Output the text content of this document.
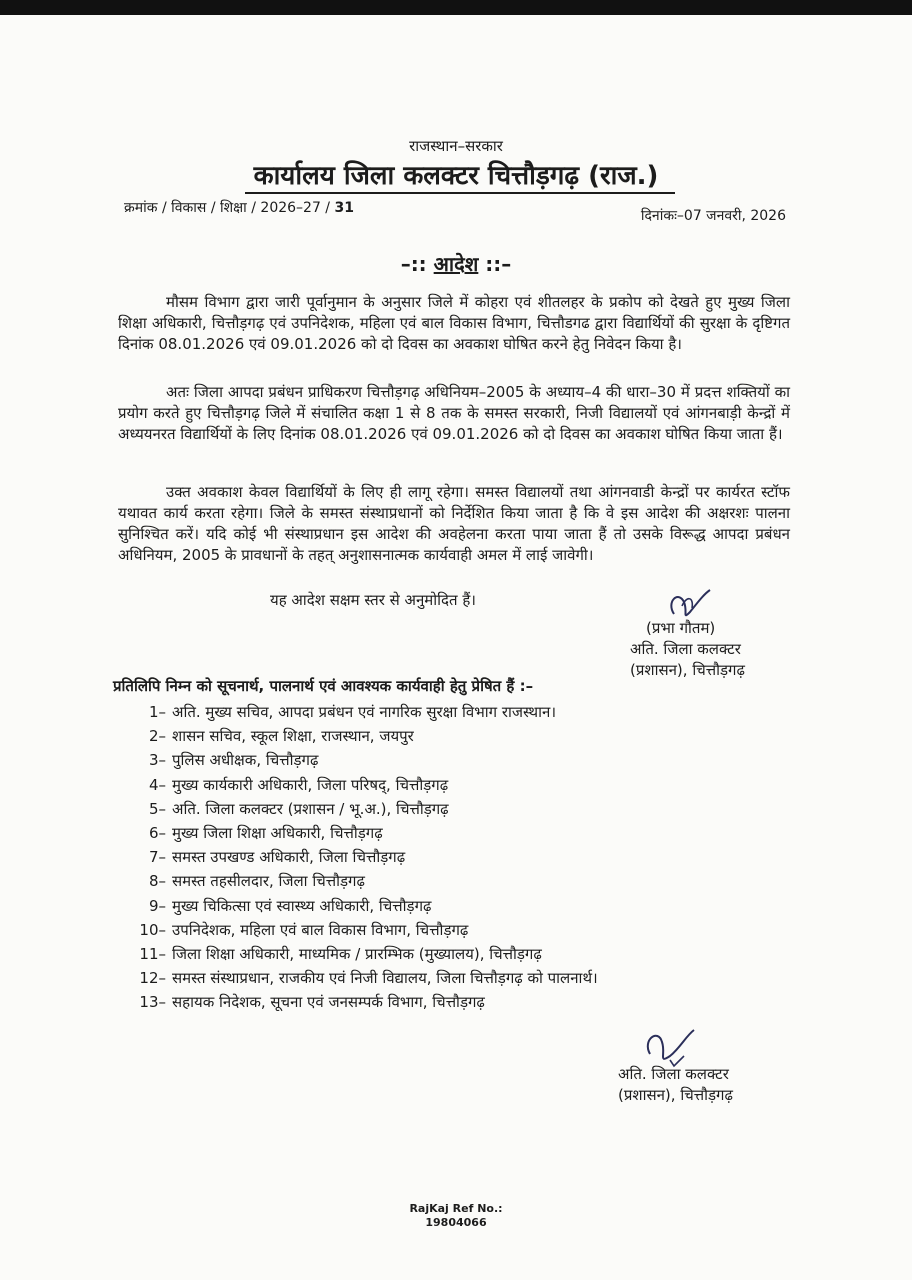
राजस्थान–सरकार
कार्यालय जिला कलक्टर चित्तौड़गढ़ (राज.)
क्रमांक / विकास / शिक्षा / 2026–27 / 31	दिनांकः–07 जनवरी, 2026
–:: आदेश ::–
मौसम विभाग द्वारा जारी पूर्वानुमान के अनुसार जिले में कोहरा एवं शीतलहर के प्रकोप को देखते हुए मुख्य जिला शिक्षा अधिकारी, चित्तौड़गढ़ एवं उपनिदेशक, महिला एवं बाल विकास विभाग, चित्तौडगढ द्वारा विद्यार्थियों की सुरक्षा के दृष्टिगत दिनांक 08.01.2026 एवं 09.01.2026 को दो दिवस का अवकाश घोषित करने हेतु निवेदन किया है।
अतः जिला आपदा प्रबंधन प्राधिकरण चित्तौड़गढ़ अधिनियम–2005 के अध्याय–4 की धारा–30 में प्रदत्त शक्तियों का प्रयोग करते हुए चित्तौड़गढ़ जिले में संचालित कक्षा 1 से 8 तक के समस्त सरकारी, निजी विद्यालयों एवं आंगनबाड़ी केन्द्रों में अध्ययनरत विद्यार्थियों के लिए दिनांक 08.01.2026 एवं 09.01.2026 को दो दिवस का अवकाश घोषित किया जाता हैं।
उक्त अवकाश केवल विद्यार्थियों के लिए ही लागू रहेगा। समस्त विद्यालयों तथा आंगनवाडी केन्द्रों पर कार्यरत स्टॉफ यथावत कार्य करता रहेगा। जिले के समस्त संस्थाप्रधानों को निर्देशित किया जाता है कि वे इस आदेश की अक्षरशः पालना सुनिश्चित करें। यदि कोई भी संस्थाप्रधान इस आदेश की अवहेलना करता पाया जाता हैं तो उसके विरूद्ध आपदा प्रबंधन अधिनियम, 2005 के प्रावधानों के तहत् अनुशासनात्मक कार्यवाही अमल में लाई जावेगी।
यह आदेश सक्षम स्तर से अनुमोदित हैं।
(प्रभा गौतम)
अति. जिला कलक्टर
(प्रशासन), चित्तौड़गढ़
प्रतिलिपि निम्न को सूचनार्थ, पालनार्थ एवं आवश्यक कार्यवाही हेतु प्रेषित हैं :–
1– अति. मुख्य सचिव, आपदा प्रबंधन एवं नागरिक सुरक्षा विभाग राजस्थान।
2– शासन सचिव, स्कूल शिक्षा, राजस्थान, जयपुर
3– पुलिस अधीक्षक, चित्तौड़गढ़
4– मुख्य कार्यकारी अधिकारी, जिला परिषद्, चित्तौड़गढ़
5– अति. जिला कलक्टर (प्रशासन / भू.अ.), चित्तौड़गढ़
6– मुख्य जिला शिक्षा अधिकारी, चित्तौड़गढ़
7– समस्त उपखण्ड अधिकारी, जिला चित्तौड़गढ़
8– समस्त तहसीलदार, जिला चित्तौड़गढ़
9– मुख्य चिकित्सा एवं स्वास्थ्य अधिकारी, चित्तौड़गढ़
10– उपनिदेशक, महिला एवं बाल विकास विभाग, चित्तौड़गढ़
11– जिला शिक्षा अधिकारी, माध्यमिक / प्रारम्भिक (मुख्यालय), चित्तौड़गढ़
12– समस्त संस्थाप्रधान, राजकीय एवं निजी विद्यालय, जिला चित्तौड़गढ़ को पालनार्थ।
13– सहायक निदेशक, सूचना एवं जनसम्पर्क विभाग, चित्तौड़गढ़
अति. जिला कलक्टर
(प्रशासन), चित्तौड़गढ़
RajKaj Ref No.:
19804066
